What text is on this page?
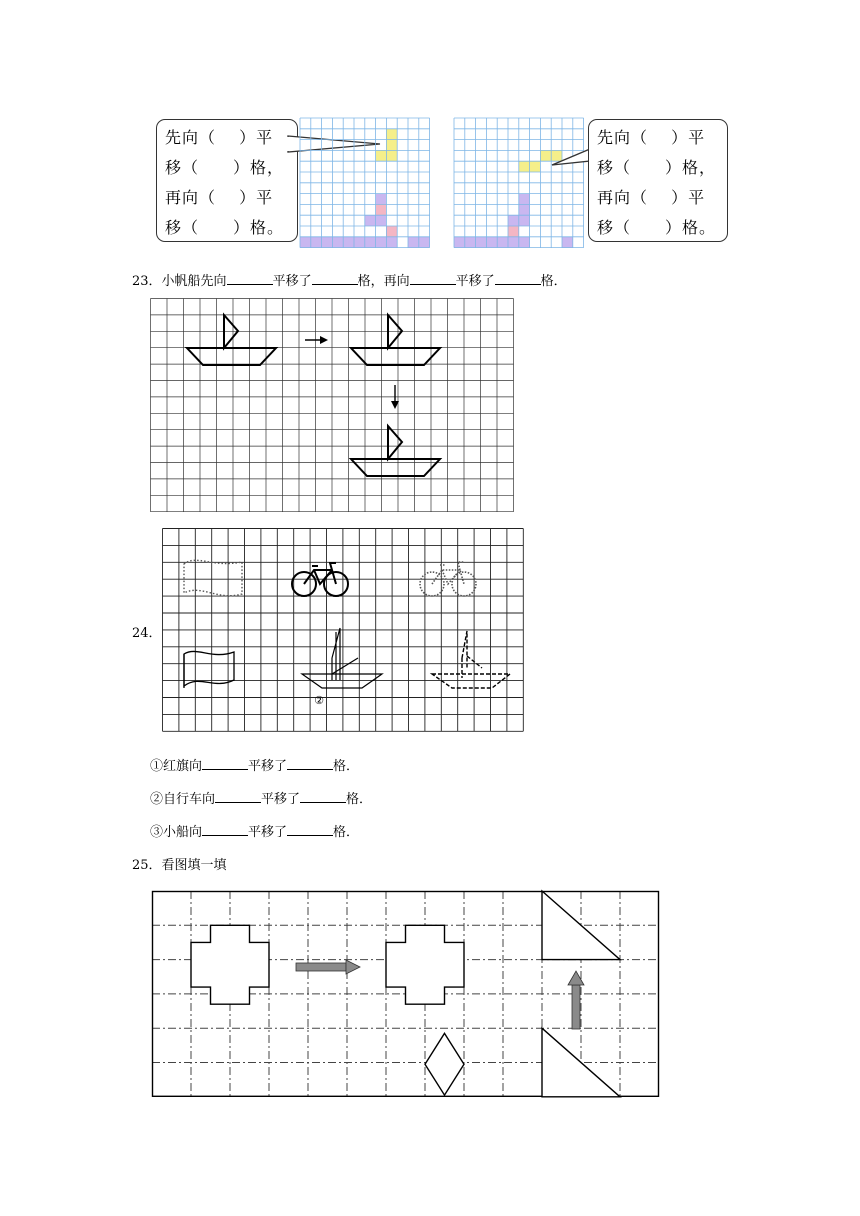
先向（　 ）平
移（　　）格，
再向（　 ）平
移（　　）格。
先向（　 ）平
移（　　）格，
再向（　 ）平
移（　　）格。
23．小帆船先向	平移了	格，再向	平移了	格．
24．
②
①红旗向	平移了	格．
②自行车向	平移了	格．
③小船向	平移了	格．
25．看图填一填
